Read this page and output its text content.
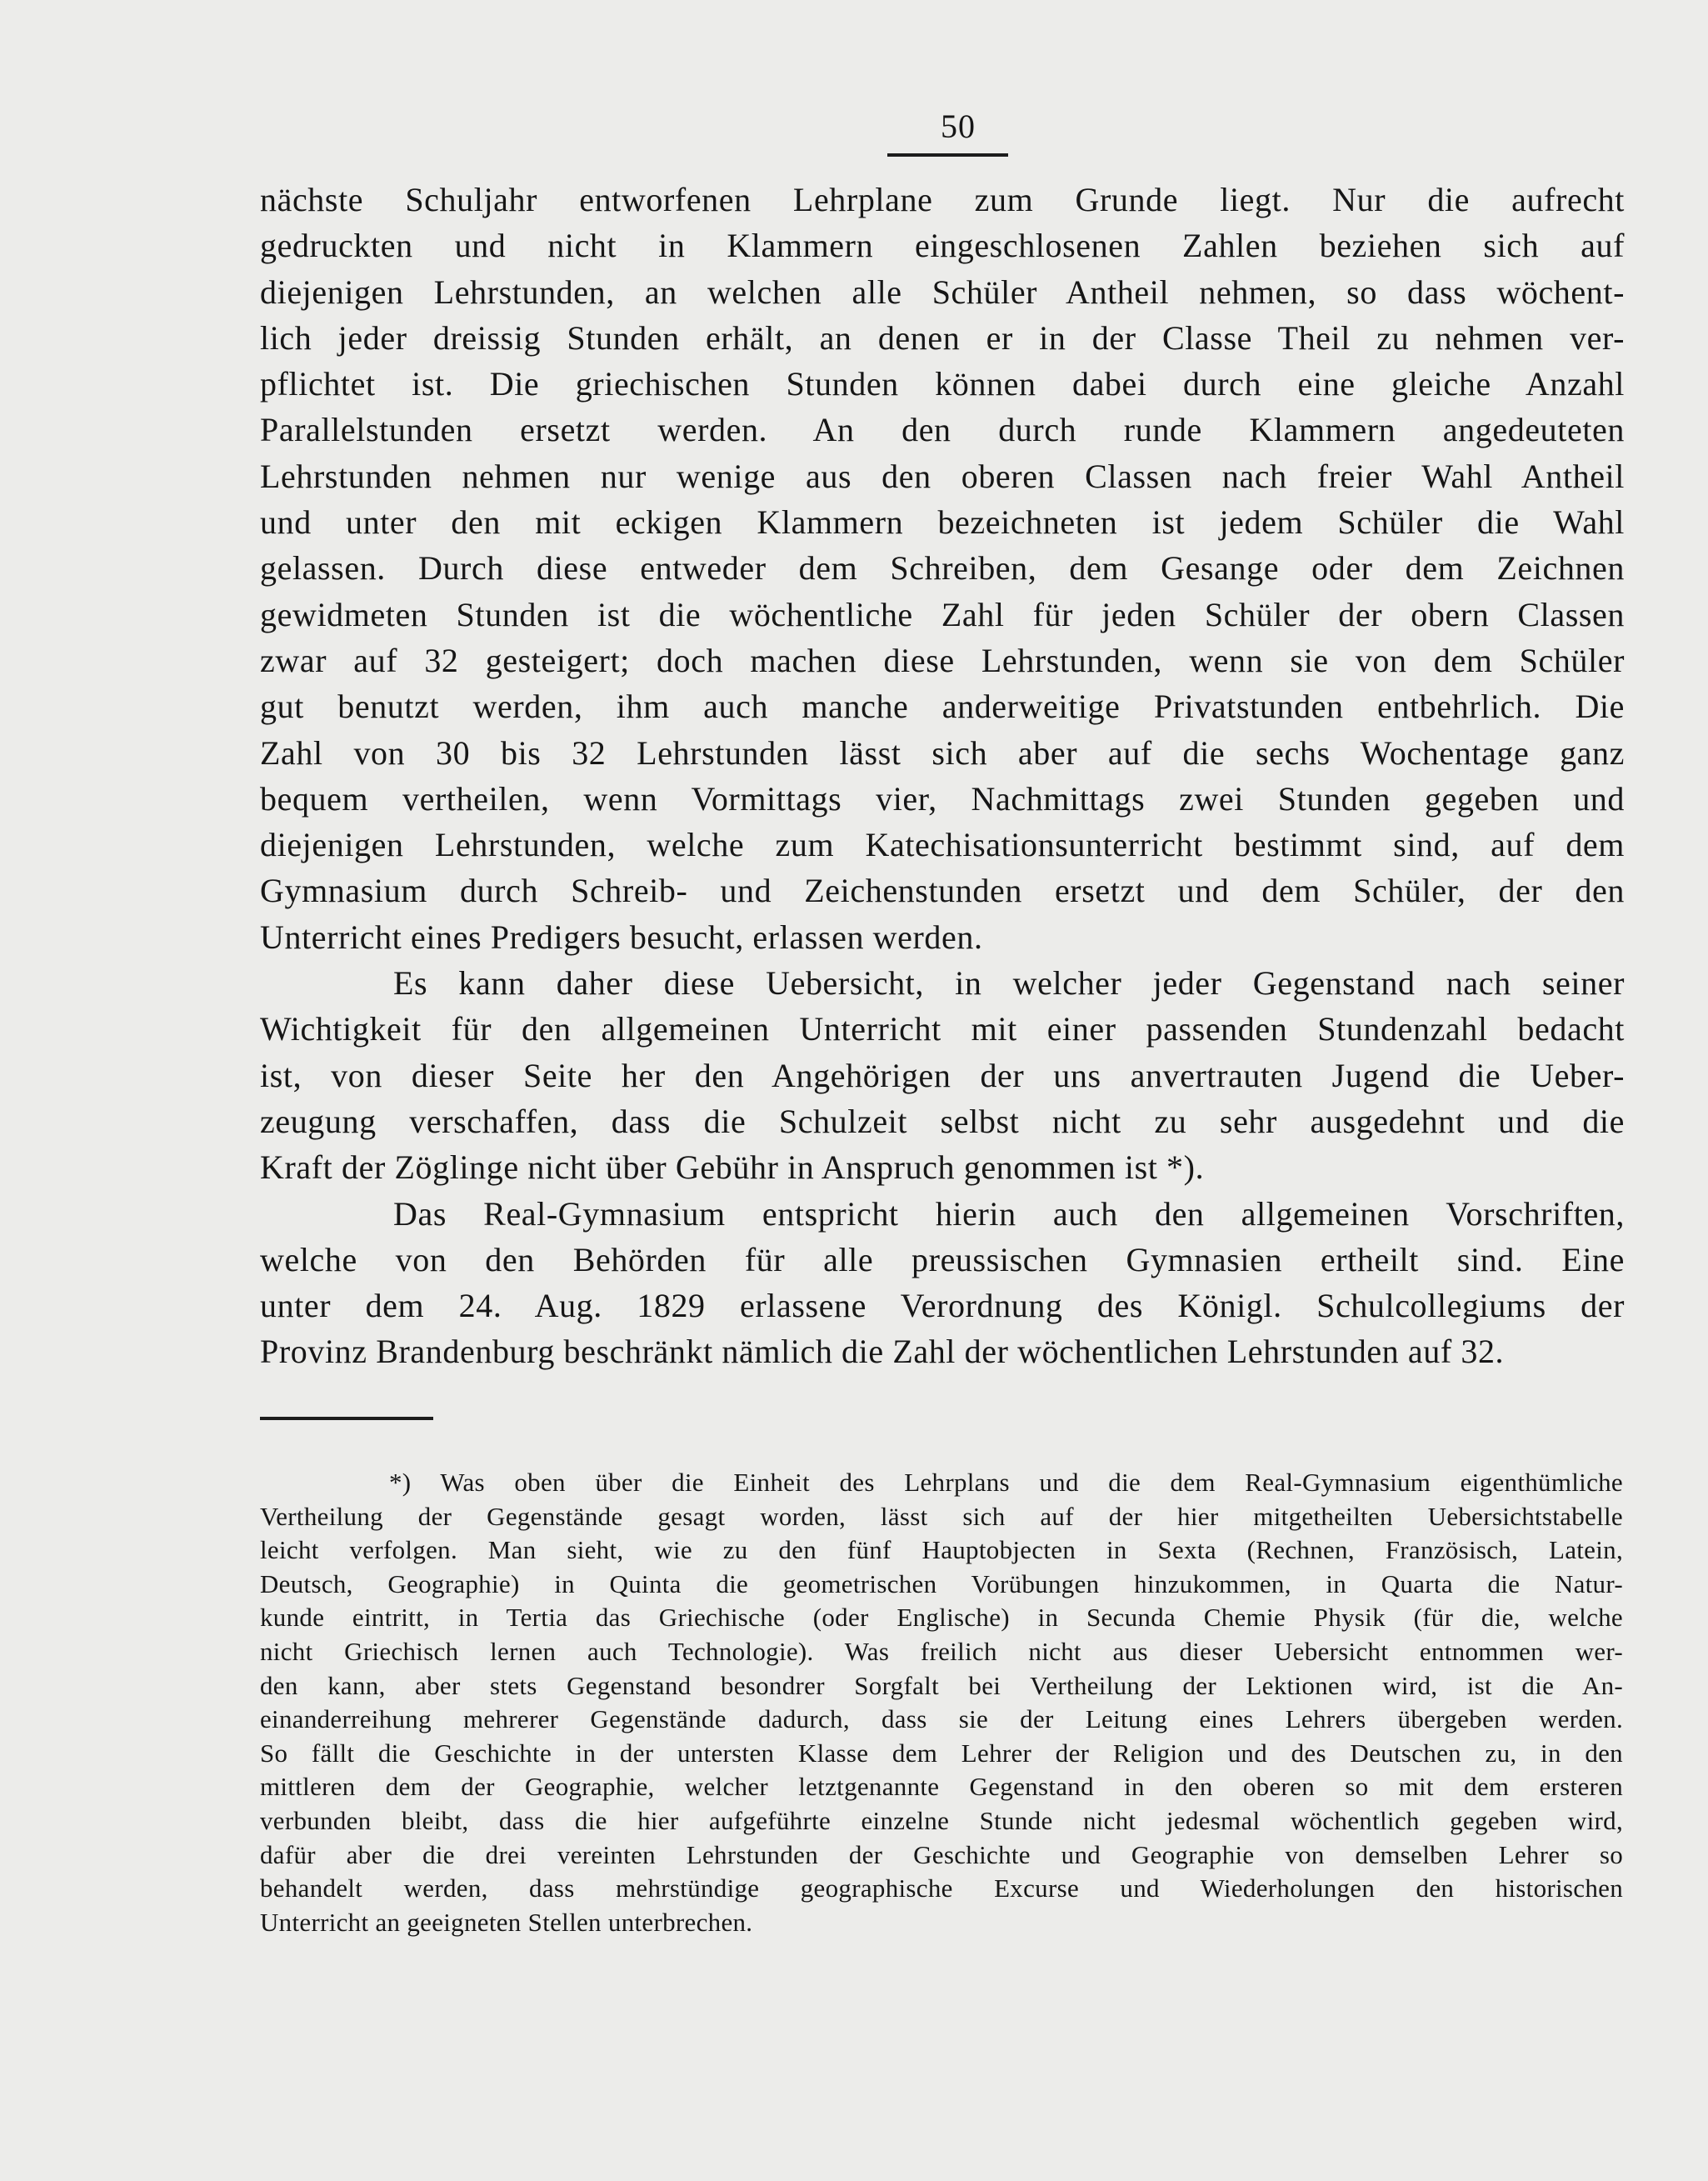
50
nächste Schuljahr entworfenen Lehrplane zum Grunde liegt. Nur die aufrecht
gedruckten und nicht in Klammern eingeschlosenen Zahlen beziehen sich auf
diejenigen Lehrstunden, an welchen alle Schüler Antheil nehmen, so dass wöchent-
lich jeder dreissig Stunden erhält, an denen er in der Classe Theil zu nehmen ver-
pflichtet ist. Die griechischen Stunden können dabei durch eine gleiche Anzahl
Parallelstunden ersetzt werden. An den durch runde Klammern angedeuteten
Lehrstunden nehmen nur wenige aus den oberen Classen nach freier Wahl Antheil
und unter den mit eckigen Klammern bezeichneten ist jedem Schüler die Wahl
gelassen. Durch diese entweder dem Schreiben, dem Gesange oder dem Zeichnen
gewidmeten Stunden ist die wöchentliche Zahl für jeden Schüler der obern Classen
zwar auf 32 gesteigert; doch machen diese Lehrstunden, wenn sie von dem Schüler
gut benutzt werden, ihm auch manche anderweitige Privatstunden entbehrlich. Die
Zahl von 30 bis 32 Lehrstunden lässt sich aber auf die sechs Wochentage ganz
bequem vertheilen, wenn Vormittags vier, Nachmittags zwei Stunden gegeben und
diejenigen Lehrstunden, welche zum Katechisationsunterricht bestimmt sind, auf dem
Gymnasium durch Schreib- und Zeichenstunden ersetzt und dem Schüler, der den
Unterricht eines Predigers besucht, erlassen werden.
Es kann daher diese Uebersicht, in welcher jeder Gegenstand nach seiner
Wichtigkeit für den allgemeinen Unterricht mit einer passenden Stundenzahl bedacht
ist, von dieser Seite her den Angehörigen der uns anvertrauten Jugend die Ueber-
zeugung verschaffen, dass die Schulzeit selbst nicht zu sehr ausgedehnt und die
Kraft der Zöglinge nicht über Gebühr in Anspruch genommen ist *).
Das Real-Gymnasium entspricht hierin auch den allgemeinen Vorschriften,
welche von den Behörden für alle preussischen Gymnasien ertheilt sind. Eine
unter dem 24. Aug. 1829 erlassene Verordnung des Königl. Schulcollegiums der
Provinz Brandenburg beschränkt nämlich die Zahl der wöchentlichen Lehrstunden auf 32.
*) Was oben über die Einheit des Lehrplans und die dem Real-Gymnasium eigenthümliche
Vertheilung der Gegenstände gesagt worden, lässt sich auf der hier mitgetheilten Uebersichtstabelle
leicht verfolgen. Man sieht, wie zu den fünf Hauptobjecten in Sexta (Rechnen, Französisch, Latein,
Deutsch, Geographie) in Quinta die geometrischen Vorübungen hinzukommen, in Quarta die Natur-
kunde eintritt, in Tertia das Griechische (oder Englische) in Secunda Chemie Physik (für die, welche
nicht Griechisch lernen auch Technologie). Was freilich nicht aus dieser Uebersicht entnommen wer-
den kann, aber stets Gegenstand besondrer Sorgfalt bei Vertheilung der Lektionen wird, ist die An-
einanderreihung mehrerer Gegenstände dadurch, dass sie der Leitung eines Lehrers übergeben werden.
So fällt die Geschichte in der untersten Klasse dem Lehrer der Religion und des Deutschen zu, in den
mittleren dem der Geographie, welcher letztgenannte Gegenstand in den oberen so mit dem ersteren
verbunden bleibt, dass die hier aufgeführte einzelne Stunde nicht jedesmal wöchentlich gegeben wird,
dafür aber die drei vereinten Lehrstunden der Geschichte und Geographie von demselben Lehrer so
behandelt werden, dass mehrstündige geographische Excurse und Wiederholungen den historischen
Unterricht an geeigneten Stellen unterbrechen.
